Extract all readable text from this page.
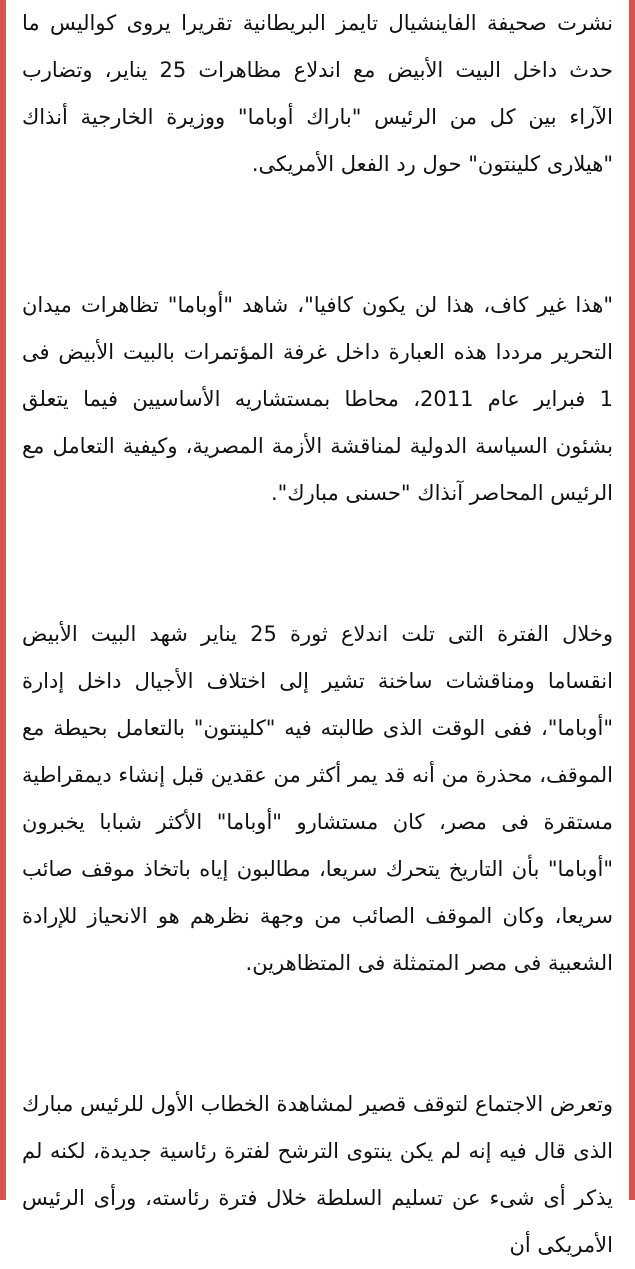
نشرت صحيفة الفاينشيال تايمز البريطانية تقريرا يروى كواليس ما حدث داخل البيت الأبيض مع اندلاع مظاهرات 25 يناير، وتضارب الآراء بين كل من الرئيس "باراك أوباما" ووزيرة الخارجية أنذاك "هيلارى كلينتون" حول رد الفعل الأمريكى.

"هذا غير كاف، هذا لن يكون كافيا"، شاهد "أوباما" تظاهرات ميدان التحرير مرددا هذه العبارة داخل غرفة المؤتمرات بالبيت الأبيض فى 1 فبراير عام 2011، محاطا بمستشاريه الأساسيين فيما يتعلق بشئون السياسة الدولية لمناقشة الأزمة المصرية، وكيفية التعامل مع الرئيس المحاصر آنذاك "حسنى مبارك".

وخلال الفترة التى تلت اندلاع ثورة 25 يناير شهد البيت الأبيض انقساما ومناقشات ساخنة تشير إلى اختلاف الأجيال داخل إدارة "أوباما"، ففى الوقت الذى طالبته فيه "كلينتون" بالتعامل بحيطة مع الموقف، محذرة من أنه قد يمر أكثر من عقدين قبل إنشاء ديمقراطية مستقرة فى مصر، كان مستشارو "أوباما" الأكثر شبابا يخبرون "أوباما" بأن التاريخ يتحرك سريعا، مطالبون إياه باتخاذ موقف صائب سريعا، وكان الموقف الصائب من وجهة نظرهم هو الانحياز للإرادة الشعبية فى مصر المتمثلة فى المتظاهرين.

وتعرض الاجتماع لتوقف قصير لمشاهدة الخطاب الأول للرئيس مبارك الذى قال فيه إنه لم يكن ينتوى الترشح لفترة رئاسية جديدة، لكنه لم يذكر أى شىء عن تسليم السلطة خلال فترة رئاسته، ورأى الرئيس الأمريكى أن
